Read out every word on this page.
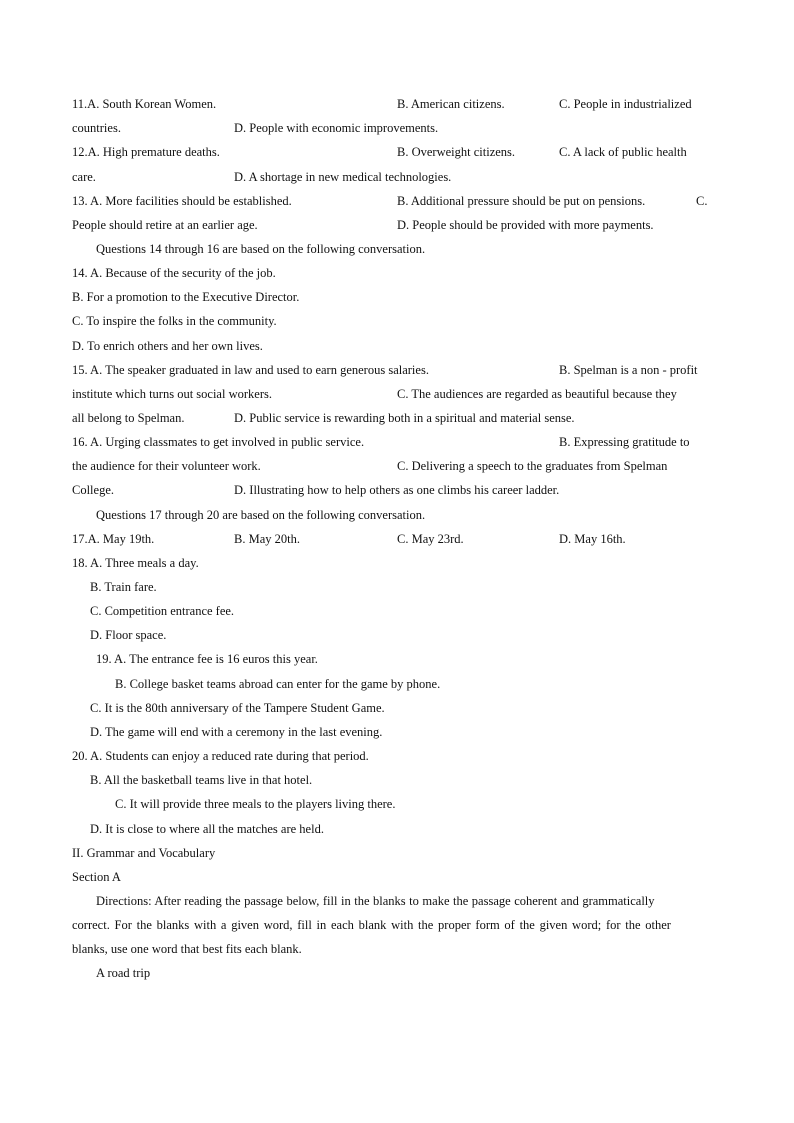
11.A. South Korean Women.	B. American citizens.	C. People in industrialized
countries.	D. People with economic improvements.
12.A. High premature deaths.	B. Overweight citizens.	C. A lack of public health
care.	D. A shortage in new medical technologies.
13. A. More facilities should be established.	B. Additional pressure should be put on pensions.	C.
People should retire at an earlier age.	D. People should be provided with more payments.
Questions 14 through 16 are based on the following conversation.
14. A. Because of the security of the job.
B. For a promotion to the Executive Director.
C. To inspire the folks in the community.
D. To enrich others and her own lives.
15. A. The speaker graduated in law and used to earn generous salaries.	B. Spelman is a non - profit
institute which turns out social workers.	C. The audiences are regarded as beautiful because they
all belong to Spelman.	D. Public service is rewarding both in a spiritual and material sense.
16. A. Urging classmates to get involved in public service.	B. Expressing gratitude to
the audience for their volunteer work.	C. Delivering a speech to the graduates from Spelman
College.	D. Illustrating how to help others as one climbs his career ladder.
Questions 17 through 20 are based on the following conversation.
17.A. May 19th.	B. May 20th.	C. May 23rd.	D. May 16th.
18. A. Three meals a day.
B. Train fare.
C. Competition entrance fee.
D. Floor space.
19. A. The entrance fee is 16 euros this year.
B. College basket teams abroad can enter for the game by phone.
C. It is the 80th anniversary of the Tampere Student Game.
D. The game will end with a ceremony in the last evening.
20. A. Students can enjoy a reduced rate during that period.
B. All the basketball teams live in that hotel.
C. It will provide three meals to the players living there.
D. It is close to where all the matches are held.
II. Grammar and Vocabulary
Section A
Directions: After reading the passage below, fill in the blanks to make the passage coherent and grammatically
correct. For the blanks with a given word, fill in each blank with the proper form of the given word; for the other
blanks, use one word that best fits each blank.
A road trip
